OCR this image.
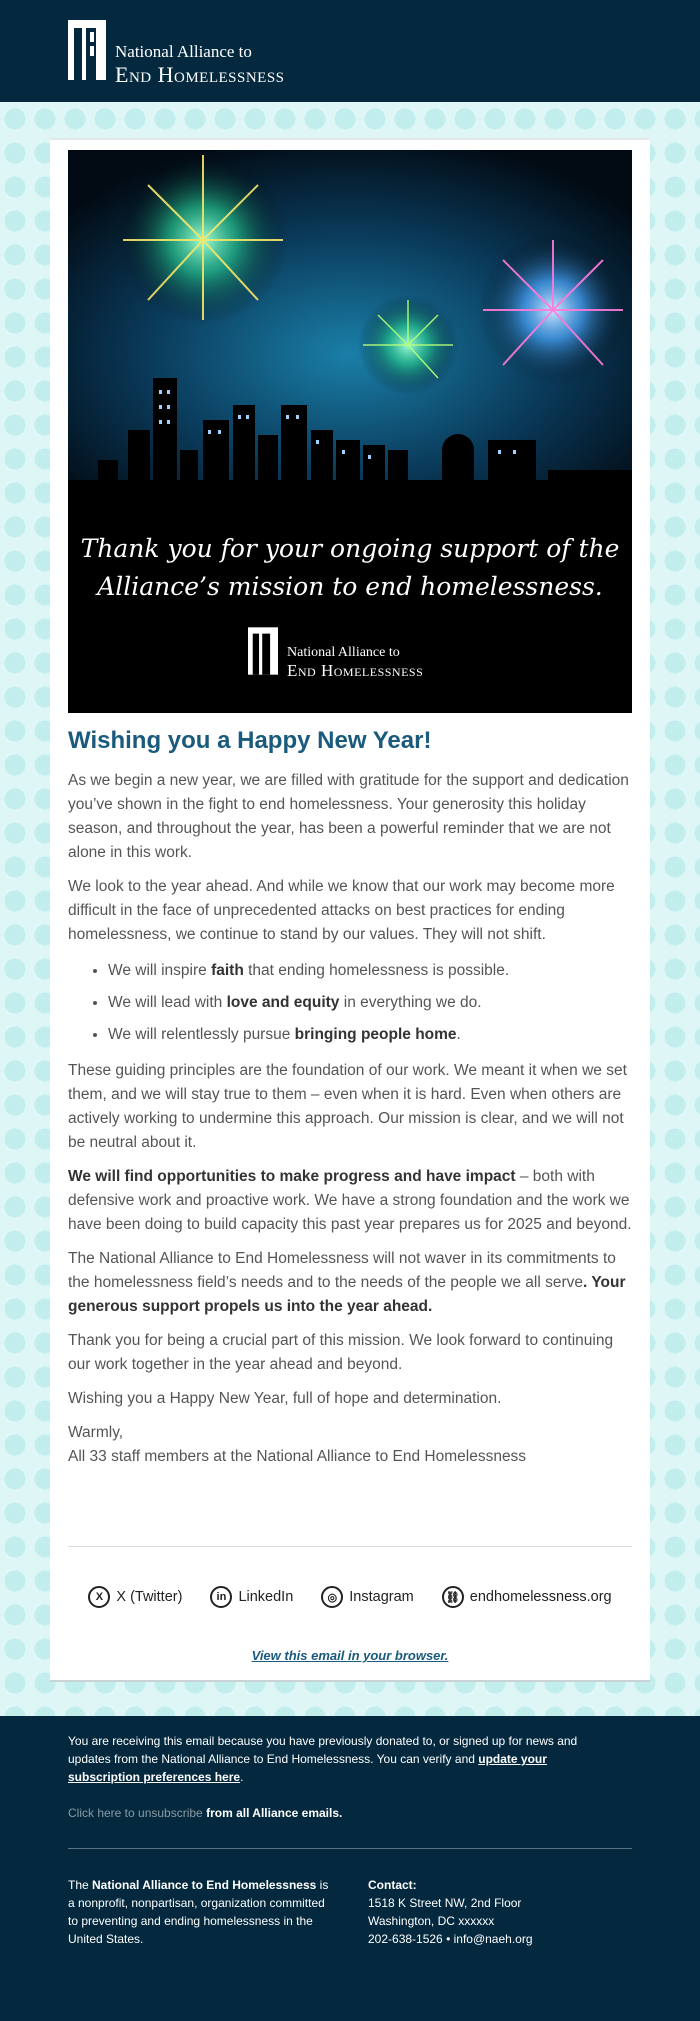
National Alliance to
End Homelessness
Thank you for your ongoing support of the
Alliance’s mission to end homelessness.
National Alliance to
End Homelessness
Wishing you a Happy New Year!

As we begin a new year, we are filled with gratitude for the support and dedication you’ve shown in the fight to end homelessness. Your generosity this holiday season, and throughout the year, has been a powerful reminder that we are not alone in this work.

We look to the year ahead. And while we know that our work may become more difficult in the face of unprecedented attacks on best practices for ending homelessness, we continue to stand by our values. They will not shift.

• We will inspire faith that ending homelessness is possible.
• We will lead with love and equity in everything we do.
• We will relentlessly pursue bringing people home.

These guiding principles are the foundation of our work. We meant it when we set them, and we will stay true to them – even when it is hard. Even when others are actively working to undermine this approach. Our mission is clear, and we will not be neutral about it.

We will find opportunities to make progress and have impact – both with defensive work and proactive work. We have a strong foundation and the work we have been doing to build capacity this past year prepares us for 2025 and beyond.

The National Alliance to End Homelessness will not waver in its commitments to the homelessness field’s needs and to the needs of the people we all serve. Your generous support propels us into the year ahead.

Thank you for being a crucial part of this mission. We look forward to continuing our work together in the year ahead and beyond.

Wishing you a Happy New Year, full of hope and determination.

Warmly,
All 33 staff members at the National Alliance to End Homelessness

X X (Twitter)	in LinkedIn	◎ Instagram	⛓ endhomelessness.org
View this email in your browser.
You are receiving this email because you have previously donated to, or signed up for news and updates from the National Alliance to End Homelessness. You can verify and update your subscription preferences here.
Click here to unsubscribe from all Alliance emails.
The National Alliance to End Homelessness is a nonprofit, nonpartisan, organization committed to preventing and ending homelessness in the United States.
Contact:
1518 K Street NW, 2nd Floor
Washington, DC xxxxxx
202-638-1526 • info@naeh.org
